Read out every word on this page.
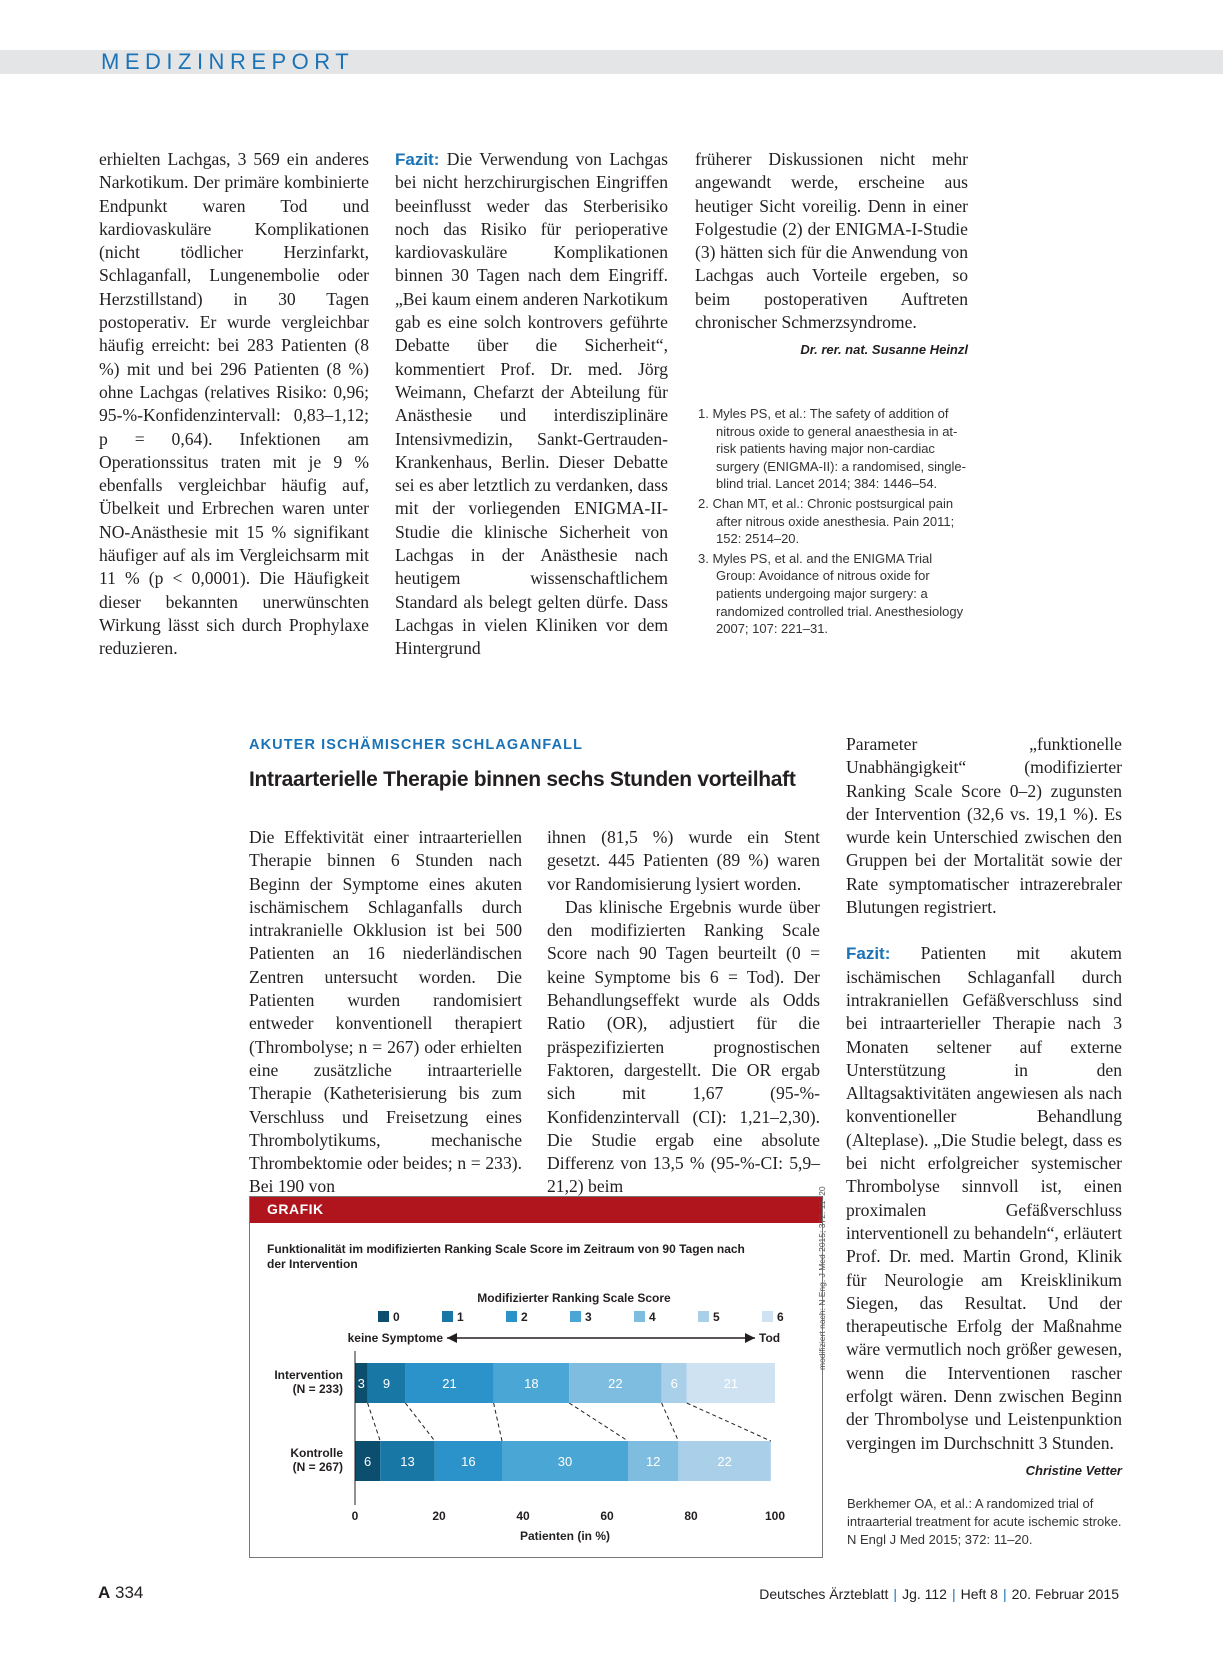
MEDIZINREPORT

erhielten Lachgas, 3 569 ein anderes Narkotikum. Der primäre kombinierte Endpunkt waren Tod und kardiovaskuläre Komplikationen (nicht tödlicher Herzinfarkt, Schlaganfall, Lungenembolie oder Herzstillstand) in 30 Tagen postoperativ. Er wurde vergleichbar häufig erreicht: bei 283 Patienten (8 %) mit und bei 296 Patienten (8 %) ohne Lachgas (relatives Risiko: 0,96; 95-%-Konfidenzintervall: 0,83–1,12; p = 0,64). Infektionen am Operationssitus traten mit je 9 % ebenfalls vergleichbar häufig auf, Übelkeit und Erbrechen waren unter NO-Anästhesie mit 15 % signifikant häufiger auf als im Vergleichsarm mit 11 % (p < 0,0001). Die Häufigkeit dieser bekannten unerwünschten Wirkung lässt sich durch Prophylaxe reduzieren.

Fazit: Die Verwendung von Lachgas bei nicht herzchirurgischen Eingriffen beeinflusst weder das Sterberisiko noch das Risiko für perioperative kardiovaskuläre Komplikationen binnen 30 Tagen nach dem Eingriff. „Bei kaum einem anderen Narkotikum gab es eine solch kontrovers geführte Debatte über die Sicherheit“, kommentiert Prof. Dr. med. Jörg Weimann, Chefarzt der Abteilung für Anästhesie und interdisziplinäre Intensivmedizin, Sankt-Gertrauden-Krankenhaus, Berlin. Dieser Debatte sei es aber letztlich zu verdanken, dass mit der vorliegenden ENIGMA-II-Studie die klinische Sicherheit von Lachgas in der Anästhesie nach heutigem wissenschaftlichem Standard als belegt gelten dürfe. Dass Lachgas in vielen Kliniken vor dem Hintergrund

früherer Diskussionen nicht mehr angewandt werde, erscheine aus heutiger Sicht voreilig. Denn in einer Folgestudie (2) der ENIGMA-I-Studie (3) hätten sich für die Anwendung von Lachgas auch Vorteile ergeben, so beim postoperativen Auftreten chronischer Schmerzsyndrome.

Dr. rer. nat. Susanne Heinzl
1. Myles PS, et al.: The safety of addition of nitrous oxide to general anaesthesia in at-risk patients having major non-cardiac surgery (ENIGMA-II): a randomised, single-blind trial. Lancet 2014; 384: 1446–54.
2. Chan MT, et al.: Chronic postsurgical pain after nitrous oxide anesthesia. Pain 2011; 152: 2514–20.
3. Myles PS, et al. and the ENIGMA Trial Group: Avoidance of nitrous oxide for patients undergoing major surgery: a randomized controlled trial. Anesthesiology 2007; 107: 221–31.
AKUTER ISCHÄMISCHER SCHLAGANFALL
Intraarterielle Therapie binnen sechs Stunden vorteilhaft

Die Effektivität einer intraarteriellen Therapie binnen 6 Stunden nach Beginn der Symptome eines akuten ischämischem Schlaganfalls durch intrakranielle Okklusion ist bei 500 Patienten an 16 niederländischen Zentren untersucht worden. Die Patienten wurden randomisiert entweder konventionell therapiert (Thrombolyse; n = 267) oder erhielten eine zusätzliche intraarterielle Therapie (Katheterisierung bis zum Verschluss und Freisetzung eines Thrombolytikums, mechanische Thrombektomie oder beides; n = 233). Bei 190 von

ihnen (81,5 %) wurde ein Stent gesetzt. 445 Patienten (89 %) waren vor Randomisierung lysiert worden.

Das klinische Ergebnis wurde über den modifizierten Ranking Scale Score nach 90 Tagen beurteilt (0 = keine Symptome bis 6 = Tod). Der Behandlungseffekt wurde als Odds Ratio (OR), adjustiert für die präspezifizierten prognostischen Faktoren, dargestellt. Die OR ergab sich mit 1,67 (95-%-Konfidenzintervall (CI): 1,21–2,30). Die Studie ergab eine absolute Differenz von 13,5 % (95-%-CI: 5,9–21,2) beim

Parameter „funktionelle Unabhängigkeit“ (modifizierter Ranking Scale Score 0–2) zugunsten der Intervention (32,6 vs. 19,1 %). Es wurde kein Unterschied zwischen den Gruppen bei der Mortalität sowie der Rate symptomatischer intrazerebraler Blutungen registriert.

Fazit: Patienten mit akutem ischämischen Schlaganfall durch intrakraniellen Gefäßverschluss sind bei intraarterieller Therapie nach 3 Monaten seltener auf externe Unterstützung in den Alltagsaktivitäten angewiesen als nach konventioneller Behandlung (Alteplase). „Die Studie belegt, dass es bei nicht erfolgreicher systemischer Thrombolyse sinnvoll ist, einen proximalen Gefäßverschluss interventionell zu behandeln“, erläutert Prof. Dr. med. Martin Grond, Klinik für Neurologie am Kreisklinikum Siegen, das Resultat. Und der therapeutische Erfolg der Maßnahme wäre vermutlich noch größer gewesen, wenn die Interventionen rascher erfolgt wären. Denn zwischen Beginn der Thrombolyse und Leistenpunktion vergingen im Durchschnitt 3 Stunden.

Christine Vetter
Berkhemer OA, et al.: A randomized trial of intraarterial treatment for acute ischemic stroke. N Engl J Med 2015; 372: 11–20.
GRAFIK
Funktionalität im modifizierten Ranking Scale Score im Zeitraum von 90 Tagen nach
der Intervention
Modifizierter Ranking Scale Score
0	1	2	3	4	5	6
keine Symptome	Tod
Intervention
(N = 233) 3 9	21	18	22	6	21
Kontrolle
(N = 267) 6 13	16	30	12	22
0	20	40	60	80	100
Patienten (in %)
modifiziert nach: N Eng. J Med 2015; 372: 11–20
A 334	Deutsches Ärzteblatt | Jg. 112 | Heft 8 | 20. Februar 2015
